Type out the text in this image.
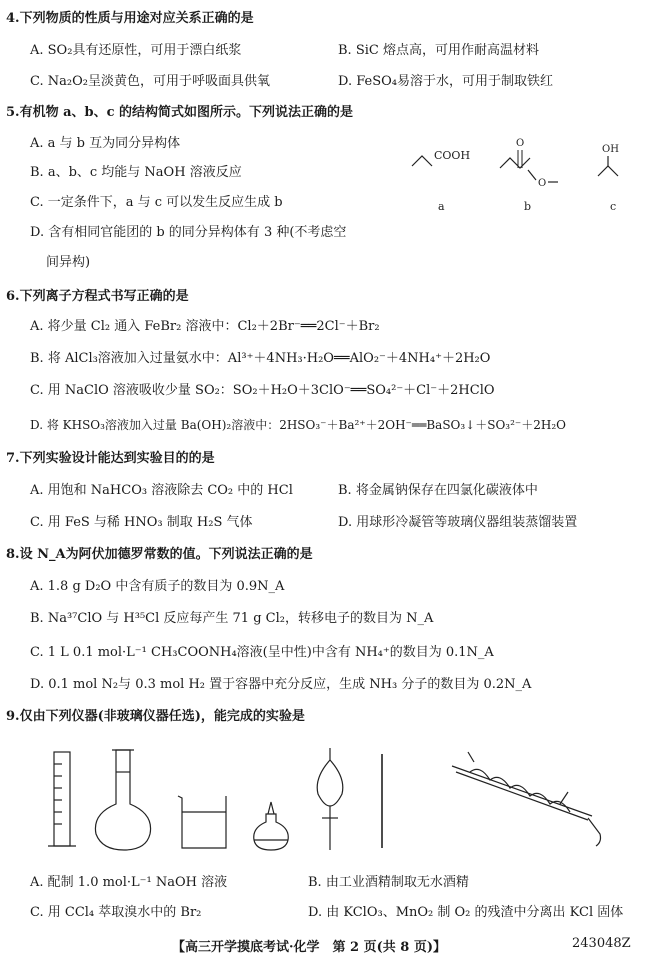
4.下列物质的性质与用途对应关系正确的是
A. SO₂具有还原性，可用于漂白纸浆	B. SiC 熔点高，可用作耐高温材料
C. Na₂O₂呈淡黄色，可用于呼吸面具供氧	D. FeSO₄易溶于水，可用于制取铁红
5.有机物 a、b、c 的结构简式如图所示。下列说法正确的是
A. a 与 b 互为同分异构体
B. a、b、c 均能与 NaOH 溶液反应
C. 一定条件下，a 与 c 可以发生反应生成 b
D. 含有相同官能团的 b 的同分异构体有 3 种(不考虑空
间异构)
COOH
a
O
O
b
OH
c
6.下列离子方程式书写正确的是
A. 将少量 Cl₂ 通入 FeBr₂ 溶液中：Cl₂＋2Br⁻══2Cl⁻＋Br₂
B. 将 AlCl₃溶液加入过量氨水中：Al³⁺＋4NH₃·H₂O══AlO₂⁻＋4NH₄⁺＋2H₂O
C. 用 NaClO 溶液吸收少量 SO₂：SO₂＋H₂O＋3ClO⁻══SO₄²⁻＋Cl⁻＋2HClO
D. 将 KHSO₃溶液加入过量 Ba(OH)₂溶液中：2HSO₃⁻＋Ba²⁺＋2OH⁻══BaSO₃↓＋SO₃²⁻＋2H₂O
7.下列实验设计能达到实验目的的是
A. 用饱和 NaHCO₃ 溶液除去 CO₂ 中的 HCl	B. 将金属钠保存在四氯化碳液体中
C. 用 FeS 与稀 HNO₃ 制取 H₂S 气体	D. 用球形冷凝管等玻璃仪器组装蒸馏装置
8.设 N_A为阿伏加德罗常数的值。下列说法正确的是
A. 1.8 g D₂O 中含有质子的数目为 0.9N_A
B. Na³⁷ClO 与 H³⁵Cl 反应每产生 71 g Cl₂，转移电子的数目为 N_A
C. 1 L 0.1 mol·L⁻¹ CH₃COONH₄溶液(呈中性)中含有 NH₄⁺的数目为 0.1N_A
D. 0.1 mol N₂与 0.3 mol H₂ 置于容器中充分反应，生成 NH₃ 分子的数目为 0.2N_A
9.仅由下列仪器(非玻璃仪器任选)，能完成的实验是
A. 配制 1.0 mol·L⁻¹ NaOH 溶液	B. 由工业酒精制取无水酒精
C. 用 CCl₄ 萃取溴水中的 Br₂	D. 由 KClO₃、MnO₂ 制 O₂ 的残渣中分离出 KCl 固体
【高三开学摸底考试·化学　第 2 页(共 8 页)】	243048Z
